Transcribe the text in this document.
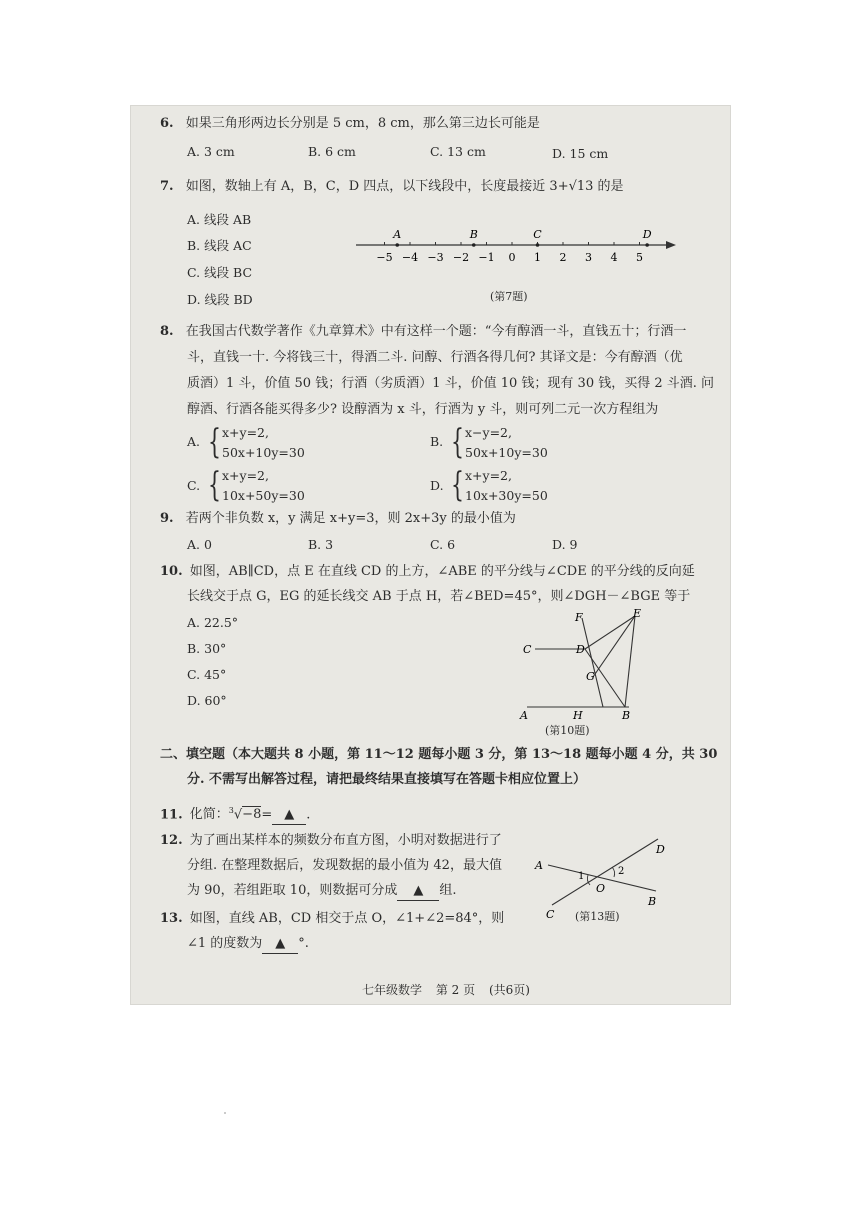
6. 如果三角形两边长分别是 5 cm，8 cm，那么第三边长可能是
A. 3 cm	B. 6 cm	C. 13 cm	D. 15 cm
7. 如图，数轴上有 A，B，C，D 四点，以下线段中，长度最接近 3+√13 的是
A. 线段 AB
B. 线段 AC
C. 线段 BC
D. 线段 BD
−5 −4 −3 −2 −1 0 1 2 3 4 5
A	B	C	D
(第7题)
8. 在我国古代数学著作《九章算术》中有这样一个题：“今有醇酒一斗，直钱五十；行酒一
斗，直钱一十. 今将钱三十，得酒二斗. 问醇、行酒各得几何? 其译文是：今有醇酒（优
质酒）1 斗，价值 50 钱；行酒（劣质酒）1 斗，价值 10 钱；现有 30 钱，买得 2 斗酒. 问
醇酒、行酒各能买得多少? 设醇酒为 x 斗，行酒为 y 斗，则可列二元一次方程组为
A. { x+y=2,
50x+10y=30
B. { x−y=2,
50x+10y=30
C. { x+y=2,
10x+50y=30
D. { x+y=2,
10x+30y=50
9. 若两个非负数 x，y 满足 x+y=3，则 2x+3y 的最小值为
A. 0	B. 3	C. 6	D. 9
10. 如图，AB∥CD，点 E 在直线 CD 的上方，∠ABE 的平分线与∠CDE 的平分线的反向延
长线交于点 G，EG 的延长线交 AB 于点 H，若∠BED=45°，则∠DGH－∠BGE 等于
A. 22.5°
B. 30°
C. 45°
D. 60°
F	E
C	D
G
A	H	B
(第10题)
二、填空题（本大题共 8 小题，第 11～12 题每小题 3 分，第 13～18 题每小题 4 分，共 30
分. 不需写出解答过程，请把最终结果直接填写在答题卡相应位置上）
11. 化简：$^3$√−8= ▲ .
12. 为了画出某样本的频数分布直方图，小明对数据进行了
分组. 在整理数据后，发现数据的最小值为 42，最大值
为 90，若组距取 10，则数据可分成 ▲ 组.
13. 如图，直线 AB，CD 相交于点 O，∠1+∠2=84°，则
∠1 的度数为 ▲ °.
A
B
C
D
O
1	2
(第13题)
七年级数学 第 2 页 (共6页)
